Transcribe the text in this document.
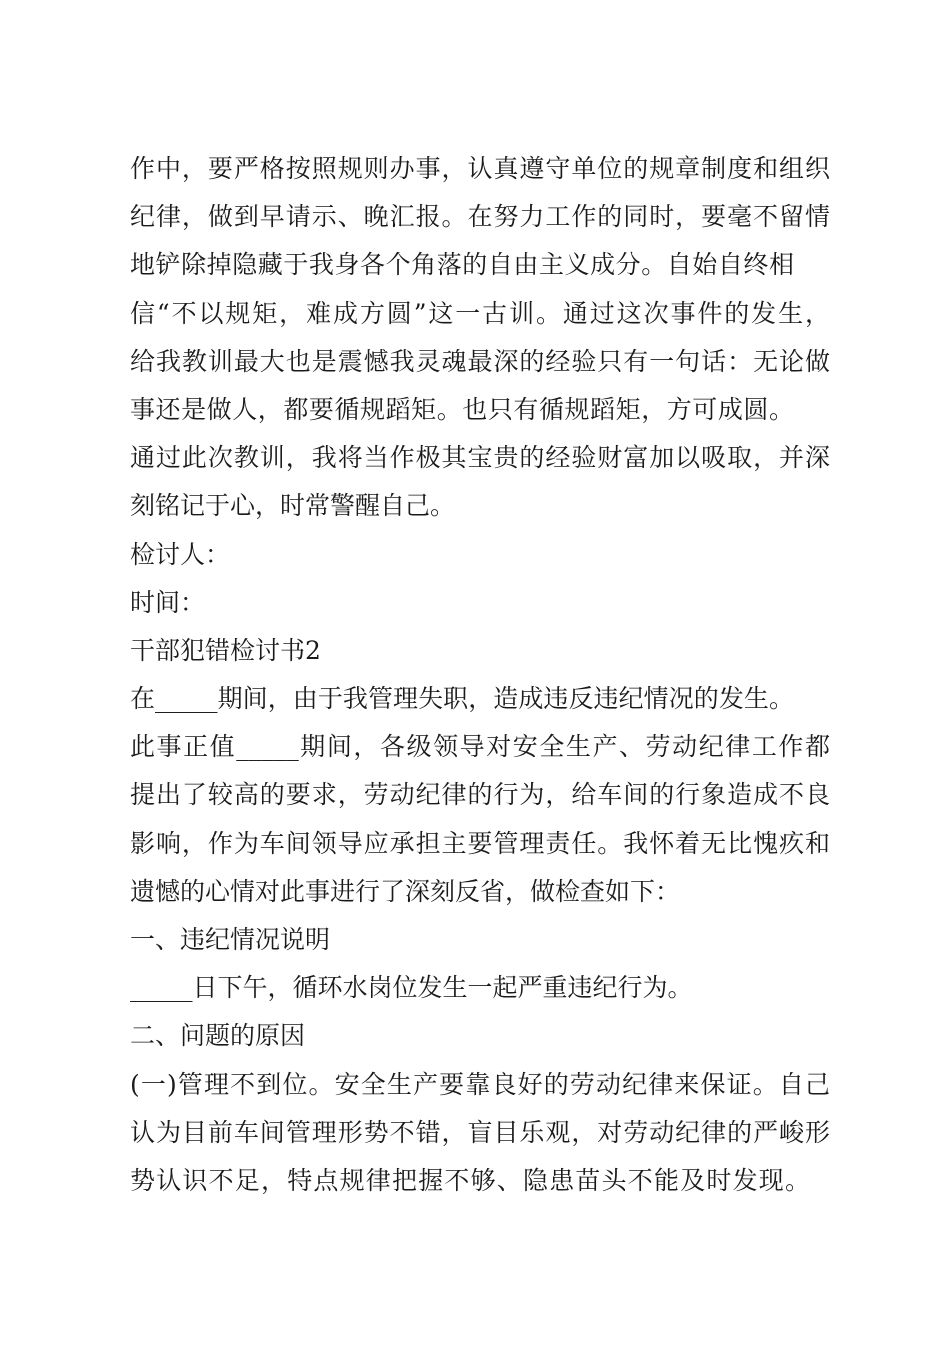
作中，要严格按照规则办事，认真遵守单位的规章制度和组织
纪律，做到早请示、晚汇报。在努力工作的同时，要毫不留情
地铲除掉隐藏于我身各个角落的自由主义成分。自始自终相
信“不以规矩，难成方圆”这一古训。通过这次事件的发生，
给我教训最大也是震憾我灵魂最深的经验只有一句话：无论做
事还是做人，都要循规蹈矩。也只有循规蹈矩，方可成圆。
通过此次教训，我将当作极其宝贵的经验财富加以吸取，并深
刻铭记于心，时常警醒自己。
检讨人：
时间：
干部犯错检讨书2
在_____期间，由于我管理失职，造成违反违纪情况的发生。
此事正值_____期间，各级领导对安全生产、劳动纪律工作都
提出了较高的要求，劳动纪律的行为，给车间的行象造成不良
影响，作为车间领导应承担主要管理责任。我怀着无比愧疚和
遗憾的心情对此事进行了深刻反省，做检查如下：
一、违纪情况说明
_____日下午，循环水岗位发生一起严重违纪行为。
二、问题的原因
(一)管理不到位。安全生产要靠良好的劳动纪律来保证。自己
认为目前车间管理形势不错，盲目乐观，对劳动纪律的严峻形
势认识不足，特点规律把握不够、隐患苗头不能及时发现。
